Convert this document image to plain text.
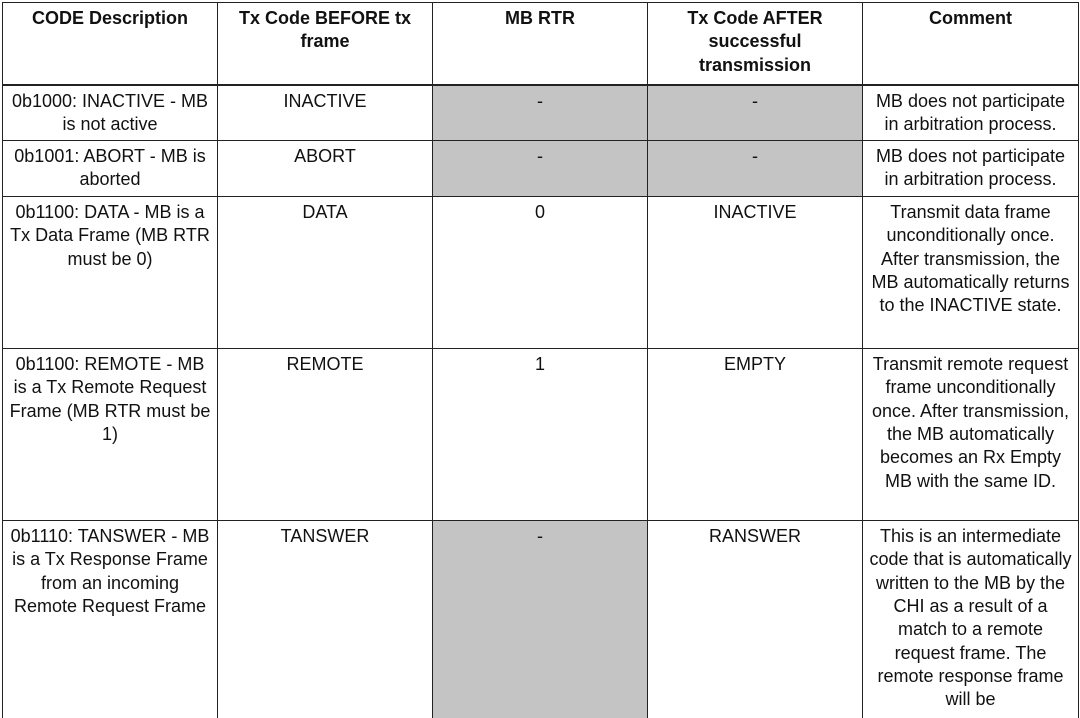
CODE Description	Tx Code BEFORE tx frame	MB RTR	Tx Code AFTER successful transmission	Comment
0b1000: INACTIVE - MB is not active	INACTIVE	-	-	MB does not participate in arbitration process.
0b1001: ABORT - MB is aborted	ABORT	-	-	MB does not participate in arbitration process.
0b1100: DATA - MB is a Tx Data Frame (MB RTR must be 0)	DATA	0	INACTIVE	Transmit data frame unconditionally once. After transmission, the MB automatically returns to the INACTIVE state.
0b1100: REMOTE - MB is a Tx Remote Request Frame (MB RTR must be 1)	REMOTE	1	EMPTY	Transmit remote request frame unconditionally once. After transmission, the MB automatically becomes an Rx Empty MB with the same ID.
0b1110: TANSWER - MB is a Tx Response Frame from an incoming Remote Request Frame	TANSWER	-	RANSWER	This is an intermediate code that is automatically written to the MB by the CHI as a result of a match to a remote request frame. The remote response frame will be
